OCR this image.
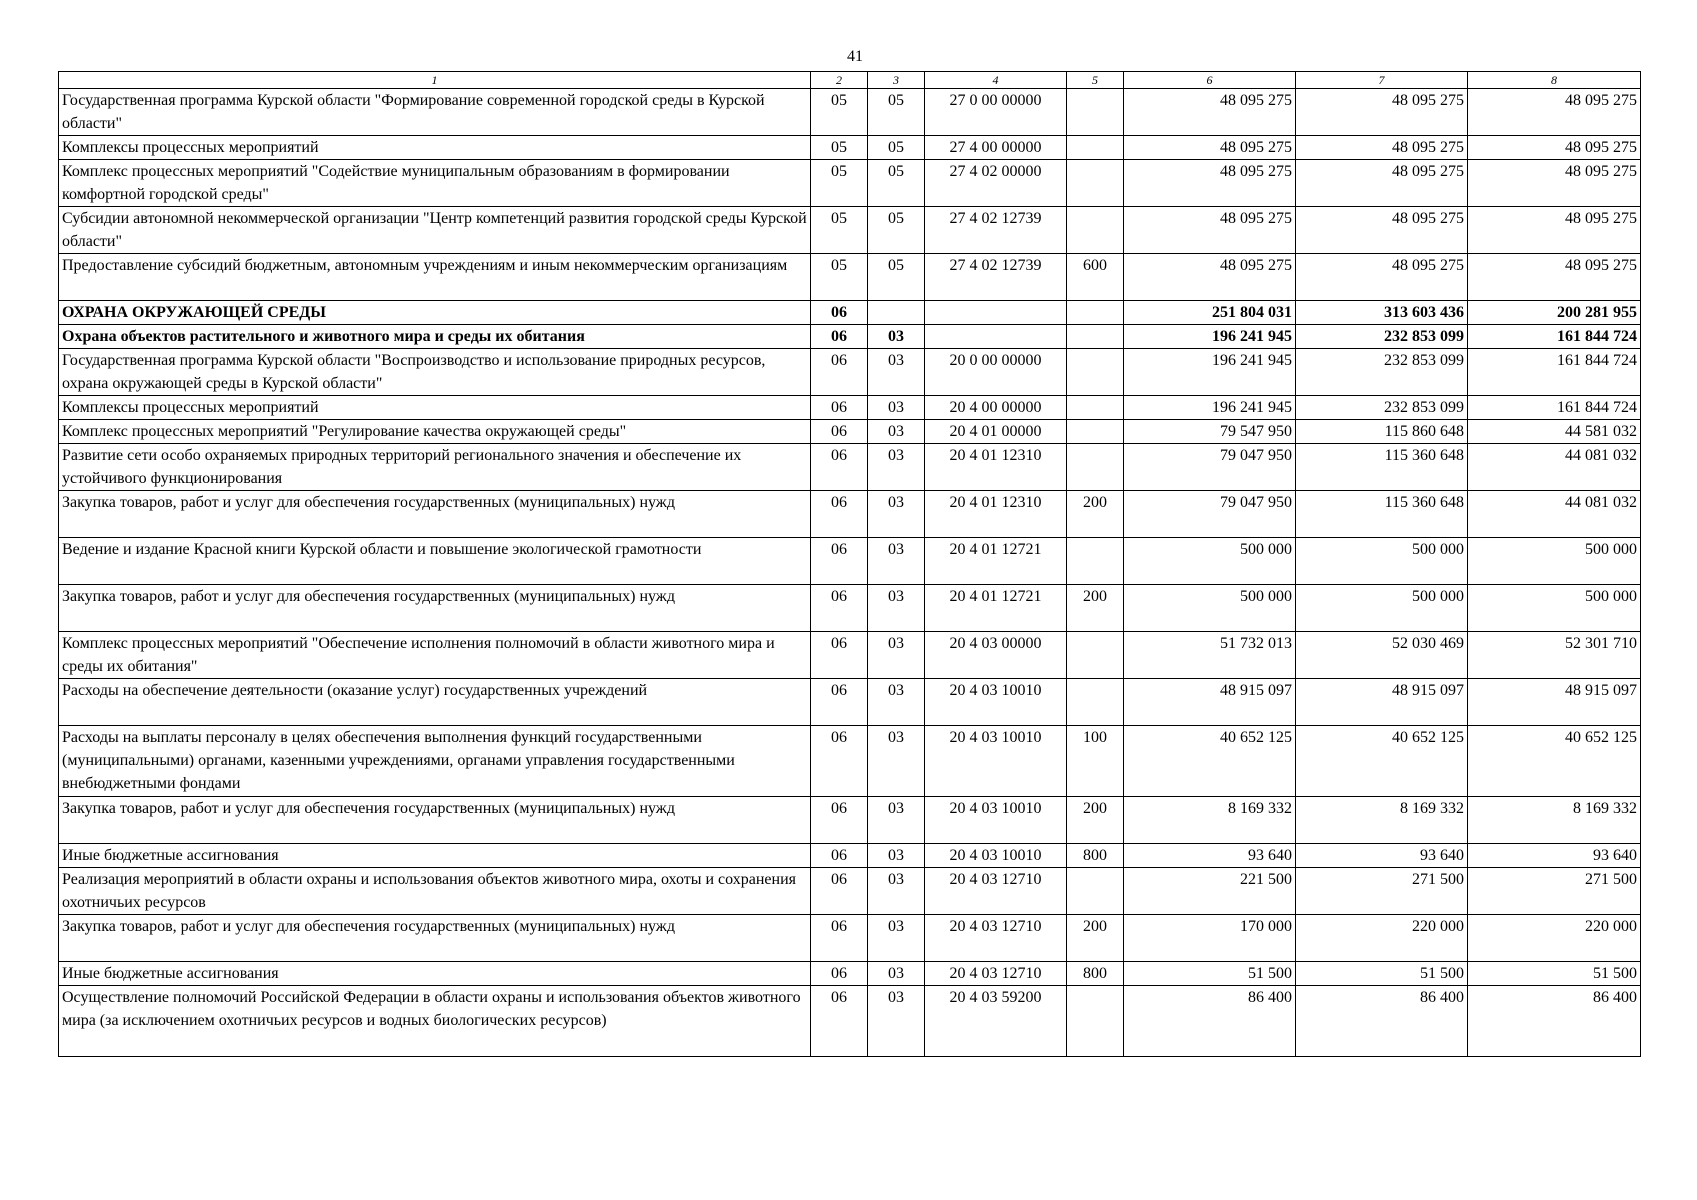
41
1	2	3	4	5	6	7	8
Государственная программа Курской области "Формирование современной городской среды в Курской области"	05	05	27 0 00 00000		48 095 275	48 095 275	48 095 275
Комплексы процессных мероприятий	05	05	27 4 00 00000		48 095 275	48 095 275	48 095 275
Комплекс процессных мероприятий "Содействие муниципальным образованиям в формировании комфортной городской среды"	05	05	27 4 02 00000		48 095 275	48 095 275	48 095 275
Субсидии автономной некоммерческой организации "Центр компетенций развития городской среды Курской области"	05	05	27 4 02 12739		48 095 275	48 095 275	48 095 275
Предоставление субсидий бюджетным, автономным учреждениям и иным некоммерческим организациям	05	05	27 4 02 12739	600	48 095 275	48 095 275	48 095 275
ОХРАНА ОКРУЖАЮЩЕЙ СРЕДЫ	06				251 804 031	313 603 436	200 281 955
Охрана объектов растительного и животного мира и среды их обитания	06	03			196 241 945	232 853 099	161 844 724
Государственная программа Курской области "Воспроизводство и использование природных ресурсов, охрана окружающей среды в Курской области"	06	03	20 0 00 00000		196 241 945	232 853 099	161 844 724
Комплексы процессных мероприятий	06	03	20 4 00 00000		196 241 945	232 853 099	161 844 724
Комплекс процессных мероприятий "Регулирование качества окружающей среды"	06	03	20 4 01 00000		79 547 950	115 860 648	44 581 032
Развитие сети особо охраняемых природных территорий регионального значения и обеспечение их устойчивого функционирования	06	03	20 4 01 12310		79 047 950	115 360 648	44 081 032
Закупка товаров, работ и услуг для обеспечения государственных (муниципальных) нужд	06	03	20 4 01 12310	200	79 047 950	115 360 648	44 081 032
Ведение и издание Красной книги Курской области и повышение экологической грамотности	06	03	20 4 01 12721		500 000	500 000	500 000
Закупка товаров, работ и услуг для обеспечения государственных (муниципальных) нужд	06	03	20 4 01 12721	200	500 000	500 000	500 000
Комплекс процессных мероприятий "Обеспечение исполнения полномочий в области животного мира и среды их обитания"	06	03	20 4 03 00000		51 732 013	52 030 469	52 301 710
Расходы на обеспечение деятельности (оказание услуг) государственных учреждений	06	03	20 4 03 10010		48 915 097	48 915 097	48 915 097
Расходы на выплаты персоналу в целях обеспечения выполнения функций государственными (муниципальными) органами, казенными учреждениями, органами управления государственными внебюджетными фондами	06	03	20 4 03 10010	100	40 652 125	40 652 125	40 652 125
Закупка товаров, работ и услуг для обеспечения государственных (муниципальных) нужд	06	03	20 4 03 10010	200	8 169 332	8 169 332	8 169 332
Иные бюджетные ассигнования	06	03	20 4 03 10010	800	93 640	93 640	93 640
Реализация мероприятий в области охраны и использования объектов животного мира, охоты и сохранения охотничьих ресурсов	06	03	20 4 03 12710		221 500	271 500	271 500
Закупка товаров, работ и услуг для обеспечения государственных (муниципальных) нужд	06	03	20 4 03 12710	200	170 000	220 000	220 000
Иные бюджетные ассигнования	06	03	20 4 03 12710	800	51 500	51 500	51 500
Осуществление полномочий Российской Федерации в области охраны и использования объектов животного мира (за исключением охотничьих ресурсов и водных биологических ресурсов)	06	03	20 4 03 59200		86 400	86 400	86 400
